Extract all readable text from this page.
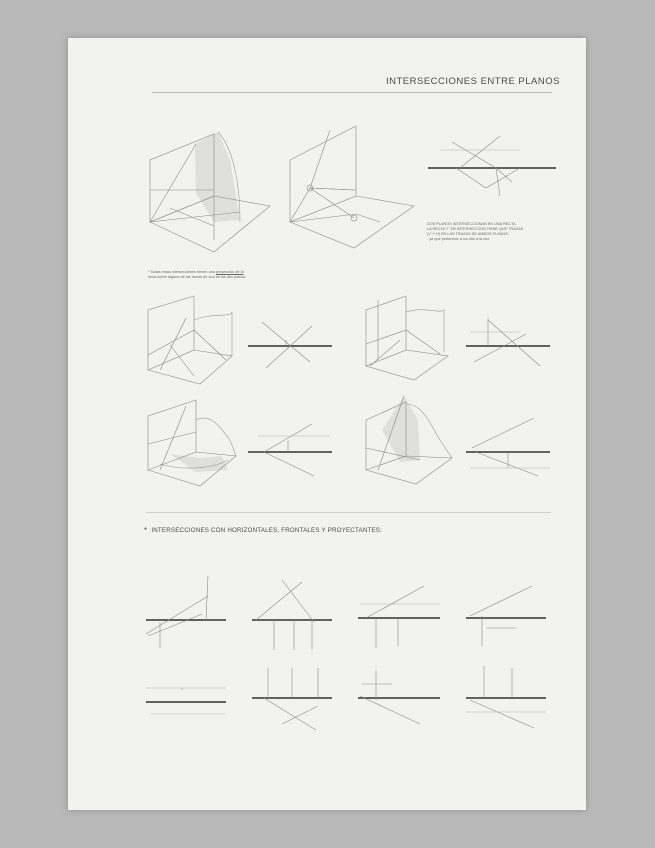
INTERSECCIONES ENTRE PLANOS
DOS PLANOS INTERSECCIONAN EN UNA RECTA.
LA RECTA "I" DE INTERSECCION TIENE QUE TRAZAS
(V' Y H) EN LAS TRAZAS DE AMBOS PLANOS
- ya que pertenece a los dos a la vez.
* Todas estas intersecciones tienen una proyección de la
recta sobre alguna de las trazas de uno de los dos planos.
* INTERSECCIONES CON HORIZONTALES, FRONTALES Y PROYECTANTES:
